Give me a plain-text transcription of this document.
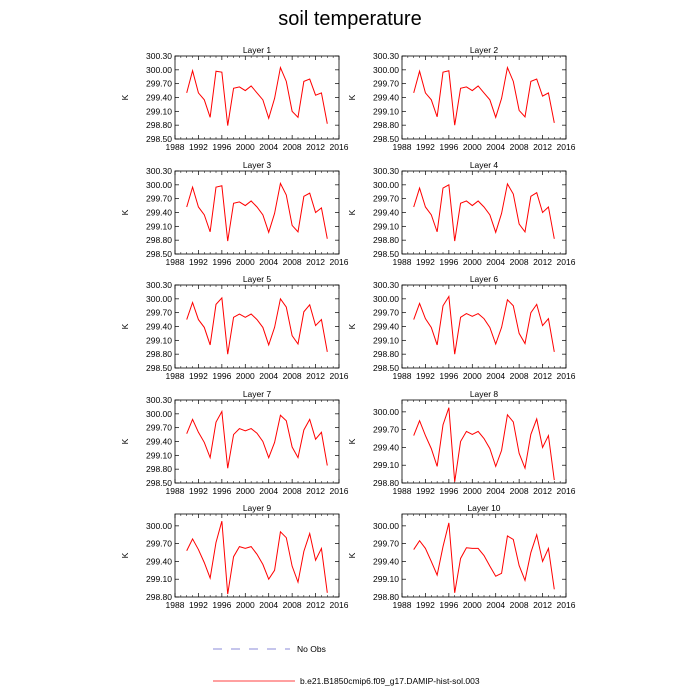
soil temperature
Layer 1
K
1988 1992 1996 2000 2004 2008 2012 2016
300.30
300.00
299.70
299.40
299.10
298.80
298.50
Layer 2
K
1988 1992 1996 2000 2004 2008 2012 2016
300.30
300.00
299.70
299.40
299.10
298.80
298.50
Layer 3
K
1988 1992 1996 2000 2004 2008 2012 2016
300.30
300.00
299.70
299.40
299.10
298.80
298.50
Layer 4
K
1988 1992 1996 2000 2004 2008 2012 2016
300.30
300.00
299.70
299.40
299.10
298.80
298.50
Layer 5
K
1988 1992 1996 2000 2004 2008 2012 2016
300.30
300.00
299.70
299.40
299.10
298.80
298.50
Layer 6
K
1988 1992 1996 2000 2004 2008 2012 2016
300.30
300.00
299.70
299.40
299.10
298.80
298.50
Layer 7
K
1988 1992 1996 2000 2004 2008 2012 2016
300.30
300.00
299.70
299.40
299.10
298.80
298.50
Layer 8
K
1988 1992 1996 2000 2004 2008 2012 2016
300.00
299.70
299.40
299.10
298.80
Layer 9
K
1988 1992 1996 2000 2004 2008 2012 2016
300.00
299.70
299.40
299.10
298.80
Layer 10
K
1988 1992 1996 2000 2004 2008 2012 2016
300.00
299.70
299.40
299.10
298.80
No Obs
b.e21.B1850cmip6.f09_g17.DAMIP-hist-sol.003
